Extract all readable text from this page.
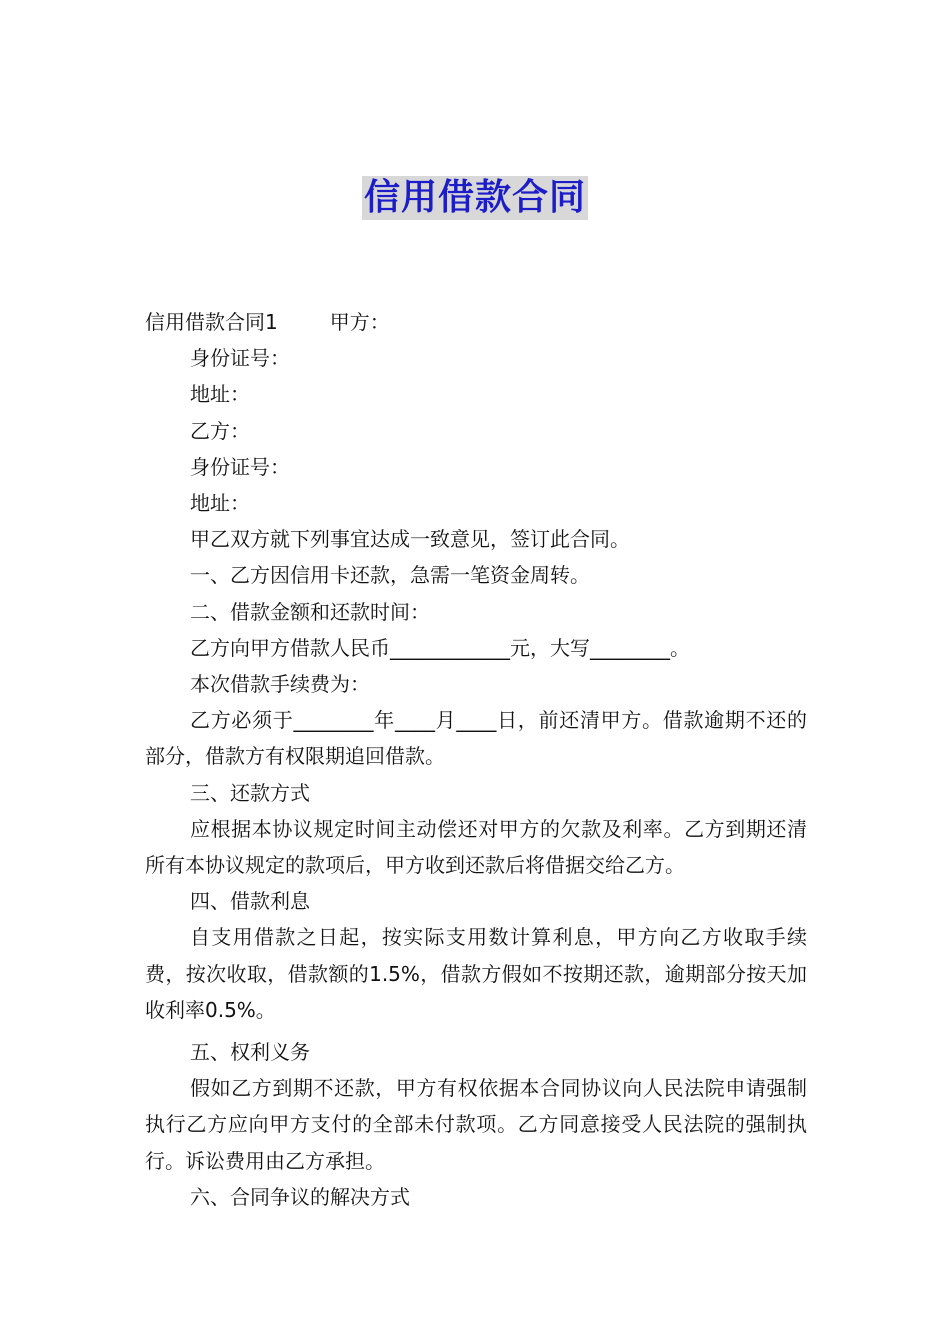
信用借款合同
信用借款合同1	甲方：
身份证号：
地址：
乙方：
身份证号：
地址：
甲乙双方就下列事宜达成一致意见，签订此合同。
一、乙方因信用卡还款，急需一笔资金周转。
二、借款金额和还款时间：
乙方向甲方借款人民币____________元，大写________。
本次借款手续费为：

乙方必须于________年____月____日，前还清甲方。借款逾期不还的部分，借款方有权限期追回借款。

三、还款方式

应根据本协议规定时间主动偿还对甲方的欠款及利率。乙方到期还清所有本协议规定的款项后，甲方收到还款后将借据交给乙方。

四、借款利息

自支用借款之日起，按实际支用数计算利息，甲方向乙方收取手续费，按次收取，借款额的1.5%，借款方假如不按期还款，逾期部分按天加收利率0.5%。

五、权利义务

假如乙方到期不还款，甲方有权依据本合同协议向人民法院申请强制执行乙方应向甲方支付的全部未付款项。乙方同意接受人民法院的强制执行。诉讼费用由乙方承担。

六、合同争议的解决方式
